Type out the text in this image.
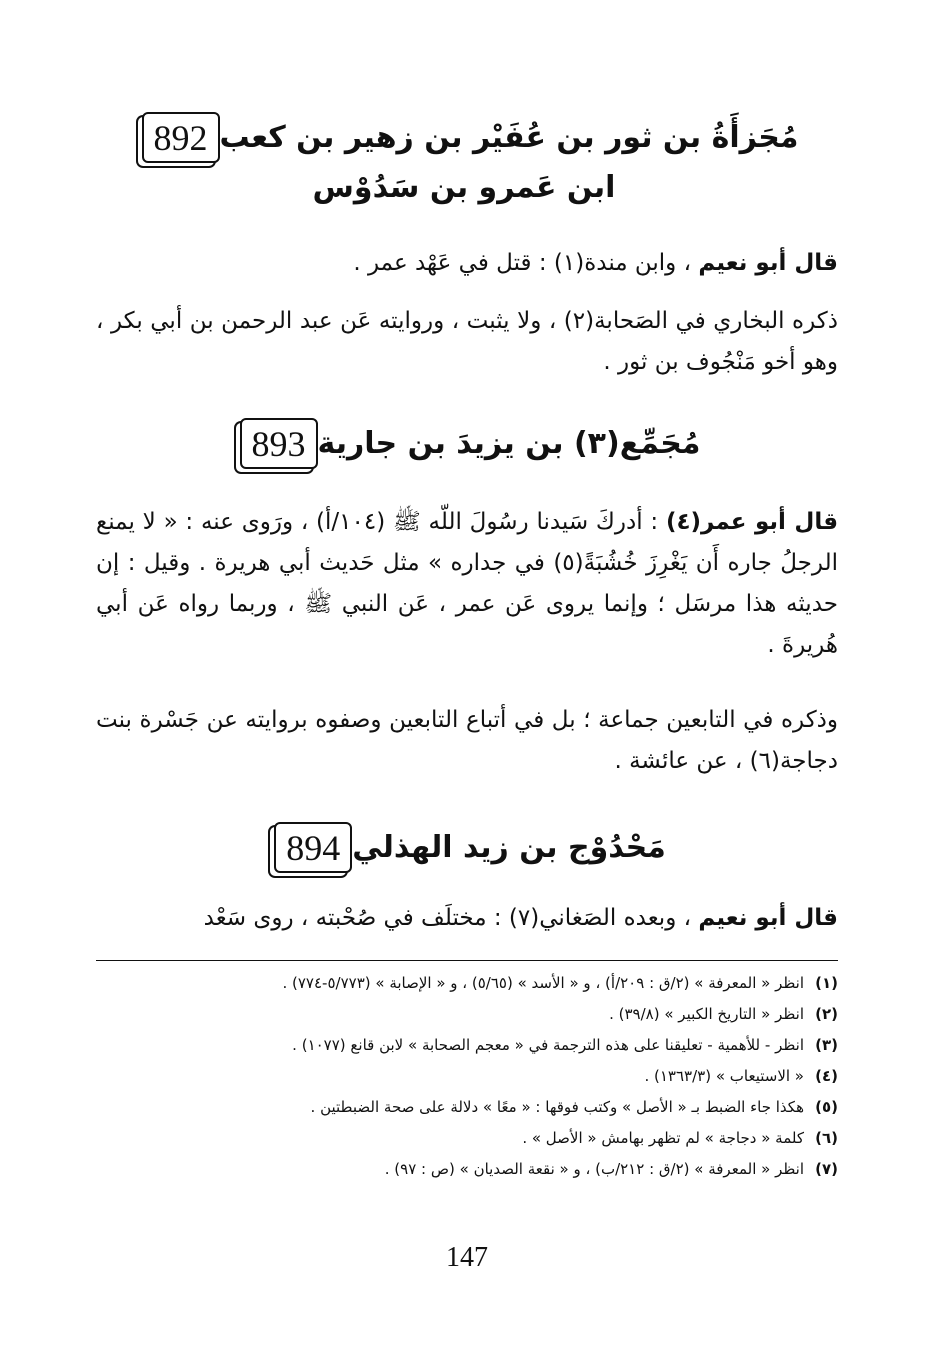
892 مُجَزأَةُ بن ثور بن عُفَيْر بن زهير بن كعب
ابن عَمرو بن سَدُوْس
قال أبو نعيم ، وابن مندة(١) : قتل في عَهْد عمر .
ذكره البخاري في الصَحابة(٢) ، ولا يثبت ، وروايته عَن عبد الرحمن بن أبي بكر ، وهو أخو مَنْجُوف بن ثور .
893 مُجَمِّع(٣) بن يزيدَ بن جارية
قال أبو عمر(٤) : أدركَ سَيدنا رسُولَ اللّه ﷺ (١٠٤/أ) ، ورَوى عنه : « لا يمنع الرجلُ جاره أَن يَغْرِزَ خُشُبَةً(٥) في جداره » مثل حَديث أبي هريرة . وقيل : إن حديثه هذا مرسَل ؛ وإنما يروى عَن عمر ، عَن النبي ﷺ ، وربما رواه عَن أبي هُريرةَ .
وذكره في التابعين جماعة ؛ بل في أتباع التابعين وصفوه بروايته عن جَسْرة بنت دجاجة(٦) ، عن عائشة .
894 مَحْدُوْج بن زيد الهذلي
قال أبو نعيم ، وبعده الصَغاني(٧) : مختلَف في صُحْبته ، روى سَعْد
(١)
انظر « المعرفة » (٢/ق : ٢٠٩/أ) ، و « الأسد » (٥/٦٥) ، و « الإصابة » (٥/٧٧٣-٧٧٤) .
(٢)
انظر « التاريخ الكبير » (٣٩/٨) .
(٣)
انظر - للأهمية - تعليقنا على هذه الترجمة في « معجم الصحابة » لابن قانع (١٠٧٧) .
(٤)
« الاستيعاب » (١٣٦٣/٣) .
(٥)
هكذا جاء الضبط بـ « الأصل » وكتب فوقها : « معًا » دلالة على صحة الضبطتين .
(٦)
كلمة « دجاجة » لم تظهر بهامش « الأصل » .
(٧)
انظر « المعرفة » (٢/ق : ٢١٢/ب) ، و « نقعة الصديان » (ص : ٩٧) .
147
